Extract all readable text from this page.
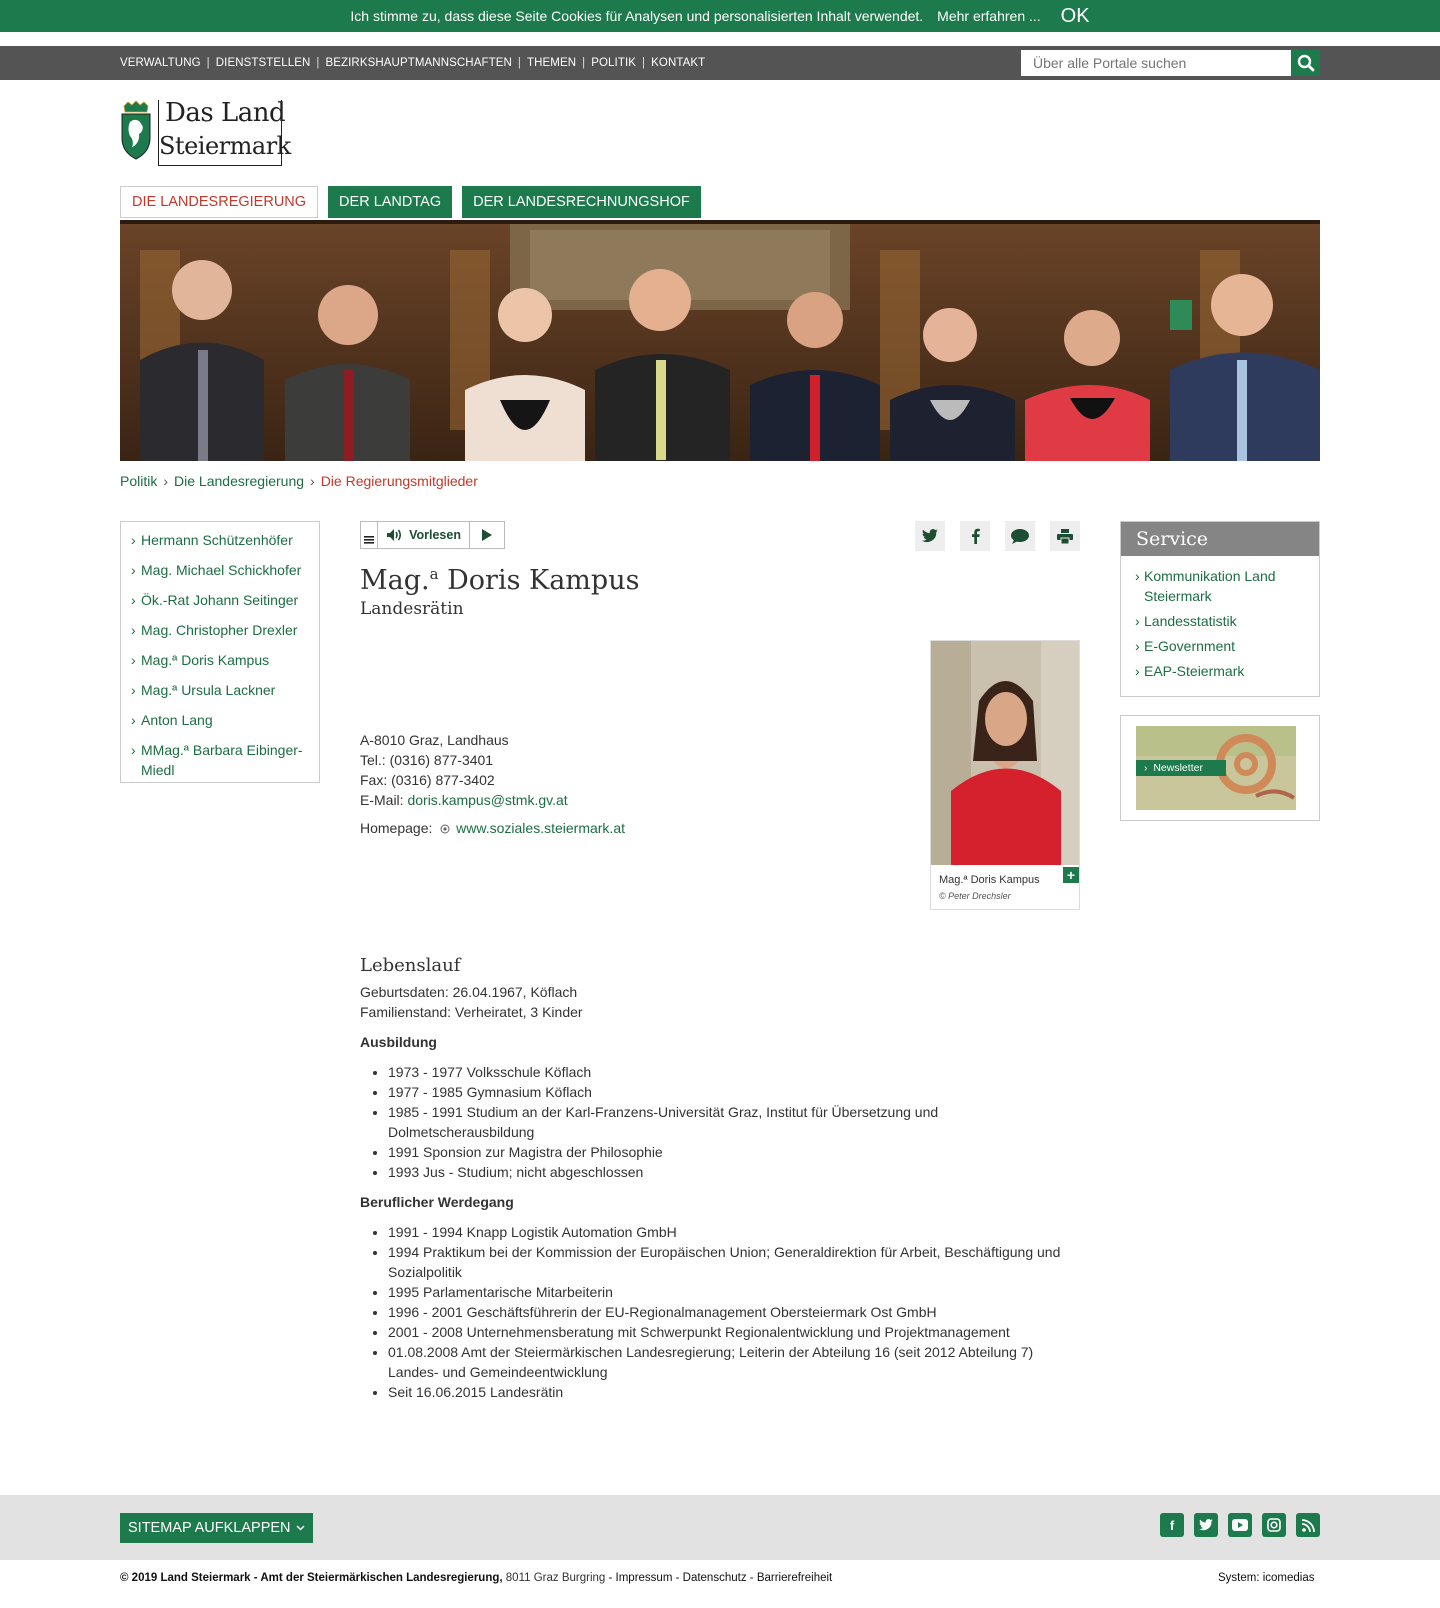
Ich stimme zu, dass diese Seite Cookies für Analysen und personalisierten Inhalt verwendet. Mehr erfahren ... OK
VERWALTUNG | DIENSTSTELLEN | BEZIRKSHAUPTMANNSCHAFTEN | THEMEN | POLITIK | KONTAKT
Über alle Portale suchen
Das Land
Steiermark
DIE LANDESREGIERUNG	DER LANDTAG	DER LANDESRECHNUNGSHOF
Politik › Die Landesregierung › Die Regierungsmitglieder
› Hermann Schützenhöfer
› Mag. Michael Schickhofer
› Ök.-Rat Johann Seitinger
› Mag. Christopher Drexler
› Mag.ª Doris Kampus
› Mag.ª Ursula Lackner
› Anton Lang
› MMag.ª Barbara Eibinger-Miedl
Vorlesen
Mag.$^a$ Doris Kampus
Landesrätin
+
Mag.ª Doris Kampus
© Peter Drechsler
A-8010 Graz, Landhaus
Tel.: (0316) 877-3401
Fax: (0316) 877-3402
E-Mail: doris.kampus@stmk.gv.at
Homepage: www.soziales.steiermark.at
Lebenslauf
Geburtsdaten: 26.04.1967, Köflach
Familienstand: Verheiratet, 3 Kinder
Ausbildung
• 1973 - 1977 Volksschule Köflach
• 1977 - 1985 Gymnasium Köflach
• 1985 - 1991 Studium an der Karl-Franzens-Universität Graz, Institut für Übersetzung und Dolmetscherausbildung
• 1991 Sponsion zur Magistra der Philosophie
• 1993 Jus - Studium; nicht abgeschlossen
Beruflicher Werdegang
• 1991 - 1994 Knapp Logistik Automation GmbH
• 1994 Praktikum bei der Kommission der Europäischen Union; Generaldirektion für Arbeit, Beschäftigung und Sozialpolitik
• 1995 Parlamentarische Mitarbeiterin
• 1996 - 2001 Geschäftsführerin der EU-Regionalmanagement Obersteiermark Ost GmbH
• 2001 - 2008 Unternehmensberatung mit Schwerpunkt Regionalentwicklung und Projektmanagement
• 01.08.2008 Amt der Steiermärkischen Landesregierung; Leiterin der Abteilung 16 (seit 2012 Abteilung 7) Landes- und Gemeindeentwicklung
• Seit 16.06.2015 Landesrätin
Service
› Kommunikation Land Steiermark
› Landesstatistik
› E-Government
› EAP-Steiermark
›  Newsletter
SITEMAP AUFKLAPPEN	f
© 2019 Land Steiermark - Amt der Steiermärkischen Landesregierung, 8011 Graz Burgring - Impressum - Datenschutz - Barrierefreiheit	System: icomedias
